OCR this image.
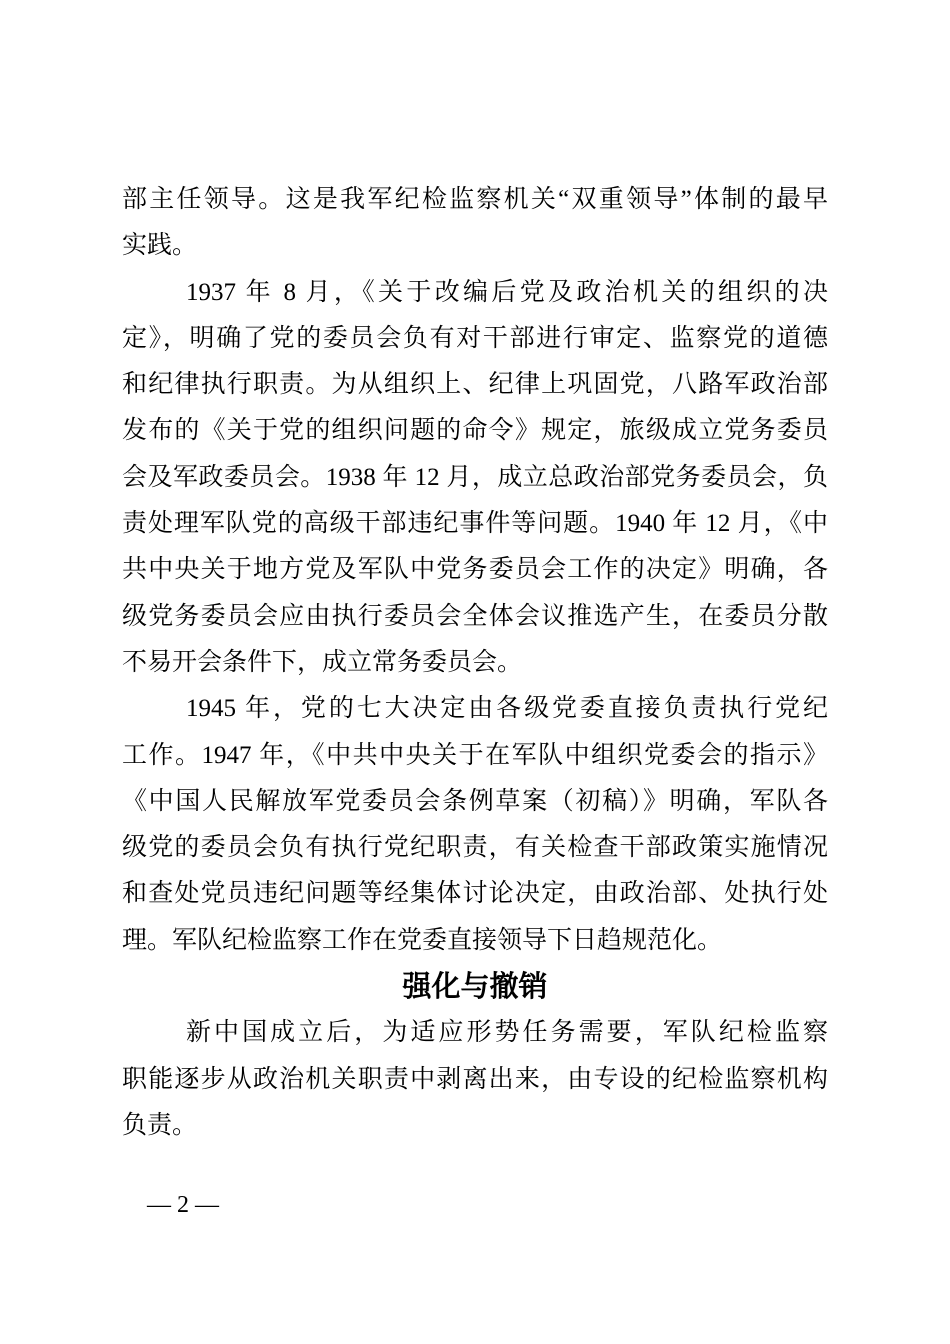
部主任领导。这是我军纪检监察机关“双重领导”体制的最早
实践。
1937 年 8 月，《关于改编后党及政治机关的组织的决
定》，明确了党的委员会负有对干部进行审定、监察党的道德
和纪律执行职责。为从组织上、纪律上巩固党，八路军政治部
发布的《关于党的组织问题的命令》规定，旅级成立党务委员
会及军政委员会。1938 年 12 月，成立总政治部党务委员会，负
责处理军队党的高级干部违纪事件等问题。1940 年 12 月，《中
共中央关于地方党及军队中党务委员会工作的决定》明确，各
级党务委员会应由执行委员会全体会议推选产生，在委员分散
不易开会条件下，成立常务委员会。
1945 年，党的七大决定由各级党委直接负责执行党纪
工作。1947 年，《中共中央关于在军队中组织党委会的指示》
《中国人民解放军党委员会条例草案（初稿）》明确，军队各
级党的委员会负有执行党纪职责，有关检查干部政策实施情况
和查处党员违纪问题等经集体讨论决定，由政治部、处执行处
理。军队纪检监察工作在党委直接领导下日趋规范化。
强化与撤销
新中国成立后，为适应形势任务需要，军队纪检监察
职能逐步从政治机关职责中剥离出来，由专设的纪检监察机构
负责。
— 2 —
